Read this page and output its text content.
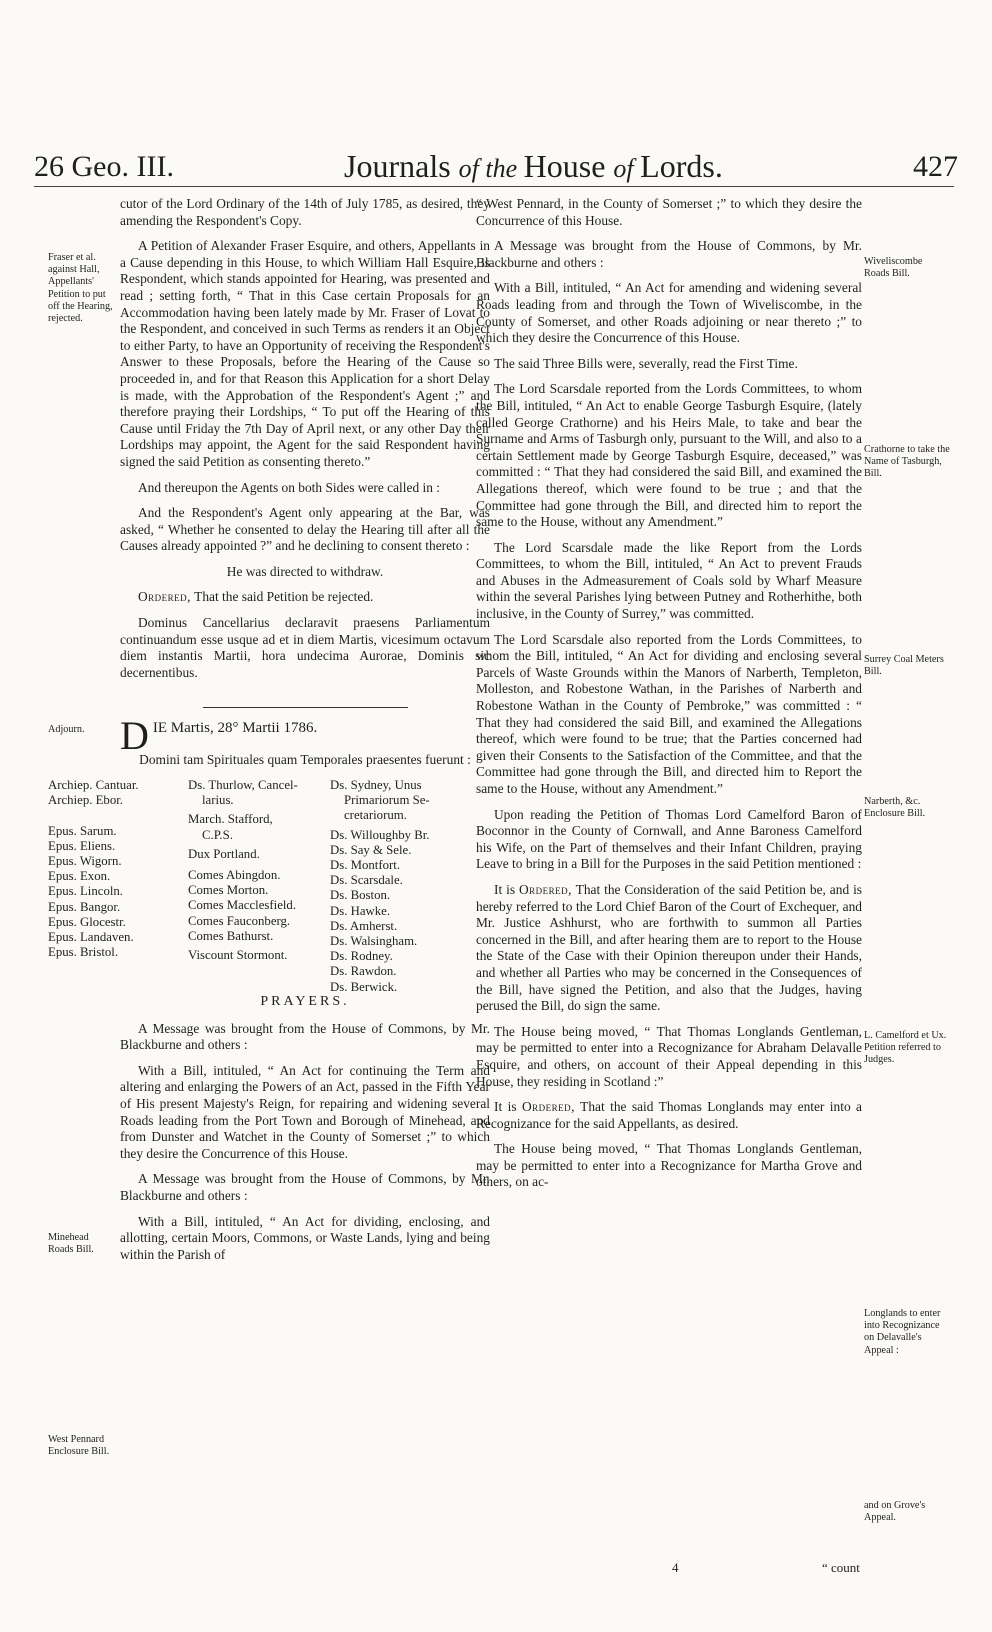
26 Geo. III.	Journals of the House of Lords.	427

cutor of the Lord Ordinary of the 14th of July 1785, as desired, they amending the Respondent's Copy.

A Petition of Alexander Fraser Esquire, and others, Appellants in a Cause depending in this House, to which William Hall Esquire, is Respondent, which stands appointed for Hearing, was presented and read ; setting forth, “ That in this Case certain Proposals for an Accommodation having been lately made by Mr. Fraser of Lovat to the Respondent, and conceived in such Terms as renders it an Object to either Party, to have an Opportunity of receiving the Respondent's Answer to these Proposals, before the Hearing of the Cause so proceeded in, and for that Reason this Application for a short Delay is made, with the Approbation of the Respondent's Agent ;” and therefore praying their Lordships, “ To put off the Hearing of this Cause until Friday the 7th Day of April next, or any other Day their Lordships may appoint, the Agent for the said Respondent having signed the said Petition as consenting thereto.”

And thereupon the Agents on both Sides were called in :

And the Respondent's Agent only appearing at the Bar, was asked, “ Whether he consented to delay the Hearing till after all the Causes already appointed ?” and he declining to consent thereto :

He was directed to withdraw.

Ordered, That the said Petition be rejected.

Dominus Cancellarius declaravit praesens Parliamentum continuandum esse usque ad et in diem Martis, vicesimum octavum diem instantis Martii, hora undecima Aurorae, Dominis sic decernentibus.

DIE Martis, 28° Martii 1786.

Domini tam Spirituales quam Temporales praesentes fuerunt :

Archiep. Cantuar.
Archiep. Ebor.

Epus. Sarum.
Epus. Eliens.
Epus. Wigorn.
Epus. Exon.
Epus. Lincoln.
Epus. Bangor.
Epus. Glocestr.
Epus. Landaven.
Epus. Bristol.
Ds. Thurlow, Cancel-
larius.
March. Stafford,
C.P.S.
Dux Portland.
Comes Abingdon.
Comes Morton.
Comes Macclesfield.
Comes Fauconberg.
Comes Bathurst.
Viscount Stormont.
Ds. Sydney, Unus
Primariorum Se-
cretariorum.
Ds. Willoughby Br.
Ds. Say & Sele.
Ds. Montfort.
Ds. Scarsdale.
Ds. Boston.
Ds. Hawke.
Ds. Amherst.
Ds. Walsingham.
Ds. Rodney.
Ds. Rawdon.
Ds. Berwick.
PRAYERS.

A Message was brought from the House of Commons, by Mr. Blackburne and others :

With a Bill, intituled, “ An Act for continuing the Term and altering and enlarging the Powers of an Act, passed in the Fifth Year of His present Majesty's Reign, for repairing and widening several Roads leading from the Port Town and Borough of Minehead, and from Dunster and Watchet in the County of Somerset ;” to which they desire the Concurrence of this House.

A Message was brought from the House of Commons, by Mr. Blackburne and others :

With a Bill, intituled, “ An Act for dividing, enclosing, and allotting, certain Moors, Commons, or Waste Lands, lying and being within the Parish of

“ West Pennard, in the County of Somerset ;” to which they desire the Concurrence of this House.

A Message was brought from the House of Commons, by Mr. Blackburne and others :

With a Bill, intituled, “ An Act for amending and widening several Roads leading from and through the Town of Wiveliscombe, in the County of Somerset, and other Roads adjoining or near thereto ;” to which they desire the Concurrence of this House.

The said Three Bills were, severally, read the First Time.

The Lord Scarsdale reported from the Lords Committees, to whom the Bill, intituled, “ An Act to enable George Tasburgh Esquire, (lately called George Crathorne) and his Heirs Male, to take and bear the Surname and Arms of Tasburgh only, pursuant to the Will, and also to a certain Settlement made by George Tasburgh Esquire, deceased,” was committed : “ That they had considered the said Bill, and examined the Allegations thereof, which were found to be true ; and that the Committee had gone through the Bill, and directed him to report the same to the House, without any Amendment.”

The Lord Scarsdale made the like Report from the Lords Committees, to whom the Bill, intituled, “ An Act to prevent Frauds and Abuses in the Admeasurement of Coals sold by Wharf Measure within the several Parishes lying between Putney and Rotherhithe, both inclusive, in the County of Surrey,” was committed.

The Lord Scarsdale also reported from the Lords Committees, to whom the Bill, intituled, “ An Act for dividing and enclosing several Parcels of Waste Grounds within the Manors of Narberth, Templeton, Molleston, and Robestone Wathan, in the Parishes of Narberth and Robestone Wathan in the County of Pembroke,” was committed : “ That they had considered the said Bill, and examined the Allegations thereof, which were found to be true; that the Parties concerned had given their Consents to the Satisfaction of the Committee, and that the Committee had gone through the Bill, and directed him to Report the same to the House, without any Amendment.”

Upon reading the Petition of Thomas Lord Camelford Baron of Boconnor in the County of Cornwall, and Anne Baroness Camelford his Wife, on the Part of themselves and their Infant Children, praying Leave to bring in a Bill for the Purposes in the said Petition mentioned :

It is Ordered, That the Consideration of the said Petition be, and is hereby referred to the Lord Chief Baron of the Court of Exchequer, and Mr. Justice Ashhurst, who are forthwith to summon all Parties concerned in the Bill, and after hearing them are to report to the House the State of the Case with their Opinion thereupon under their Hands, and whether all Parties who may be concerned in the Consequences of the Bill, have signed the Petition, and also that the Judges, having perused the Bill, do sign the same.

The House being moved, “ That Thomas Longlands Gentleman, may be permitted to enter into a Recognizance for Abraham Delavalle Esquire, and others, on account of their Appeal depending in this House, they residing in Scotland :”

It is Ordered, That the said Thomas Longlands may enter into a Recognizance for the said Appellants, as desired.

The House being moved, “ That Thomas Longlands Gentleman, may be permitted to enter into a Recognizance for Martha Grove and others, on ac-

Fraser et al. against Hall, Appellants' Petition to put off the Hearing, rejected.
Adjourn.
Minehead Roads Bill.
West Pennard Enclosure Bill.
Wiveliscombe Roads Bill.
Crathorne to take the Name of Tasburgh, Bill.
Surrey Coal Meters Bill.
Narberth, &c. Enclosure Bill.
L. Camelford et Ux. Petition referred to Judges.
Longlands to enter into Recognizance on Delavalle's Appeal :
and on Grove's Appeal.
4	“ count
